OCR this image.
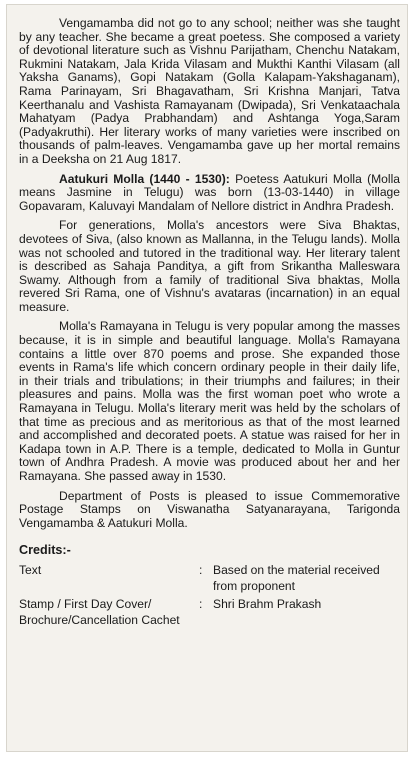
Vengamamba did not go to any school; neither was she taught by any teacher. She became a great poetess. She composed a variety of devotional literature such as Vishnu Parijatham, Chenchu Natakam, Rukmini Natakam, Jala Krida Vilasam and Mukthi Kanthi Vilasam (all Yaksha Ganams), Gopi Natakam (Golla Kalapam-Yakshaganam), Rama Parinayam, Sri Bhagavatham, Sri Krishna Manjari, Tatva Keerthanalu and Vashista Ramayanam (Dwipada), Sri Venkataachala Mahatyam (Padya Prabhandam) and Ashtanga Yoga,Saram (Padyakruthi). Her literary works of many varieties were inscribed on thousands of palm-leaves. Vengamamba gave up her mortal remains in a Deeksha on 21 Aug 1817.

Aatukuri Molla (1440 - 1530): Poetess Aatukuri Molla (Molla means Jasmine in Telugu) was born (13-03-1440) in village Gopavaram, Kaluvayi Mandalam of Nellore district in Andhra Pradesh.

For generations, Molla's ancestors were Siva Bhaktas, devotees of Siva, (also known as Mallanna, in the Telugu lands). Molla was not schooled and tutored in the traditional way. Her literary talent is described as Sahaja Panditya, a gift from Srikantha Malleswara Swamy. Although from a family of traditional Siva bhaktas, Molla revered Sri Rama, one of Vishnu's avataras (incarnation) in an equal measure.

Molla's Ramayana in Telugu is very popular among the masses because, it is in simple and beautiful language. Molla's Ramayana contains a little over 870 poems and prose. She expanded those events in Rama's life which concern ordinary people in their daily life, in their trials and tribulations; in their triumphs and failures; in their pleasures and pains. Molla was the first woman poet who wrote a Ramayana in Telugu. Molla's literary merit was held by the scholars of that time as precious and as meritorious as that of the most learned and accomplished and decorated poets. A statue was raised for her in Kadapa town in A.P. There is a temple, dedicated to Molla in Guntur town of Andhra Pradesh. A movie was produced about her and her Ramayana. She passed away in 1530.

Department of Posts is pleased to issue Commemorative Postage Stamps on Viswanatha Satyanarayana, Tarigonda Vengamamba & Aatukuri Molla.

Credits:-
Text	: Based on the material received from proponent
Stamp / First Day Cover/ Brochure/Cancellation Cachet
: Shri Brahm Prakash
